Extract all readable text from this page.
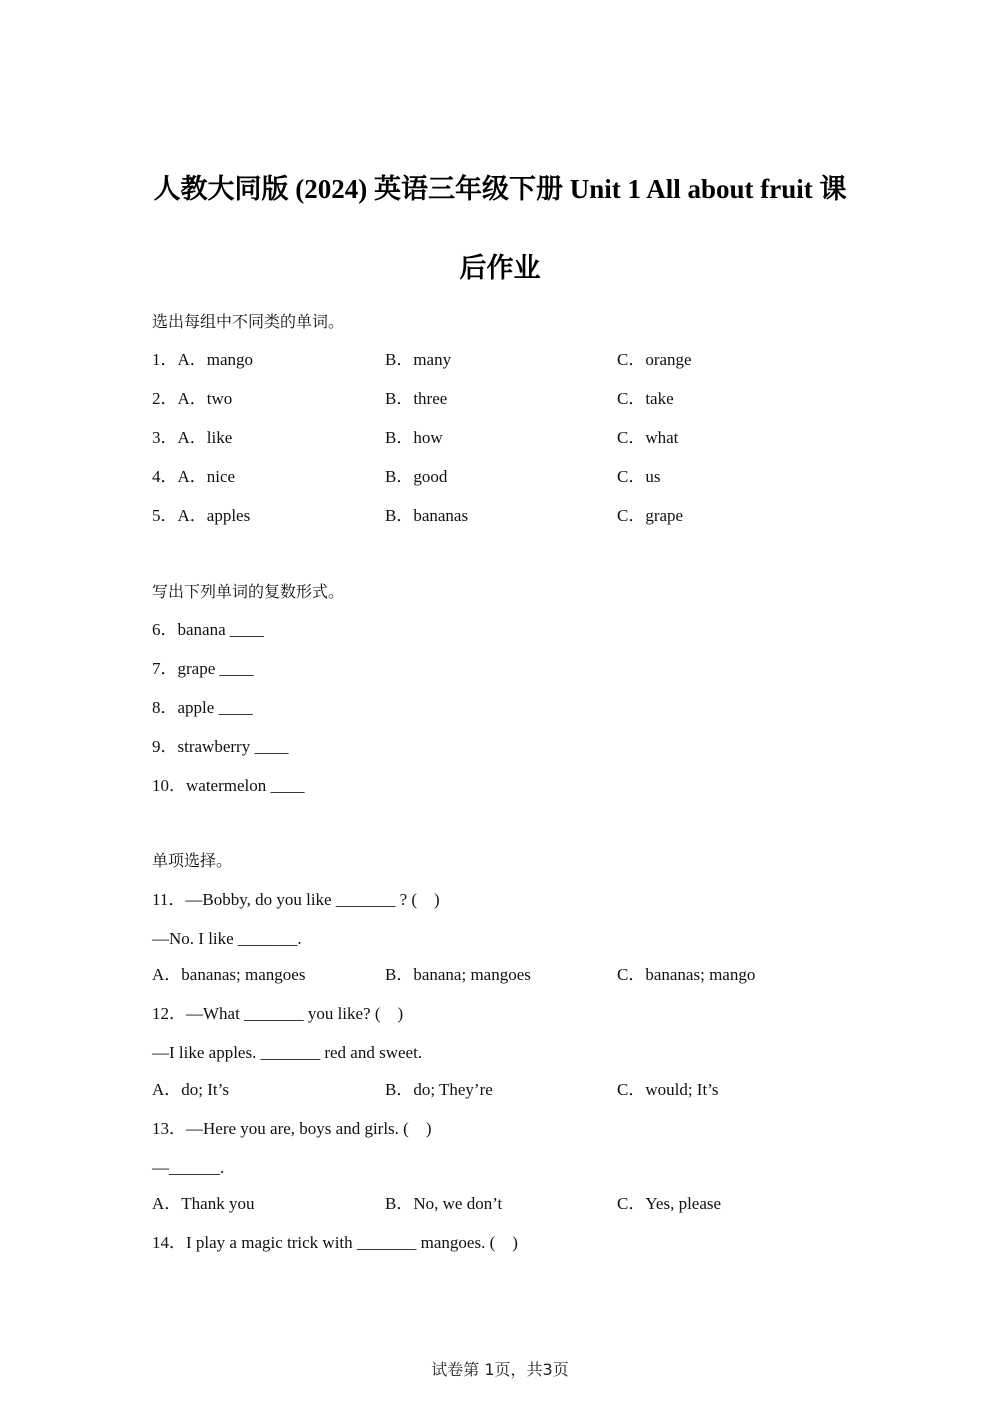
人教大同版 (2024) 英语三年级下册 Unit 1 All about fruit 课
后作业
选出每组中不同类的单词。
1．A．mango	B．many	C．orange
2．A．two	B．three	C．take
3．A．like	B．how	C．what
4．A．nice	B．good	C．us
5．A．apples	B．bananas	C．grape
写出下列单词的复数形式。
6．banana ____
7．grape ____
8．apple ____
9．strawberry ____
10．watermelon ____
单项选择。
11．—Bobby, do you like _______ ? (    )
—No. I like _______.
A．bananas; mangoes	B．banana; mangoes	C．bananas; mango
12．—What _______ you like? (    )
—I like apples. _______ red and sweet.
A．do; It’s	B．do; They’re	C．would; It’s
13．—Here you are, boys and girls. (    )
—______.
A．Thank you	B．No, we don’t	C．Yes, please
14．I play a magic trick with _______ mangoes. (    )
试卷第 1页，共3页
